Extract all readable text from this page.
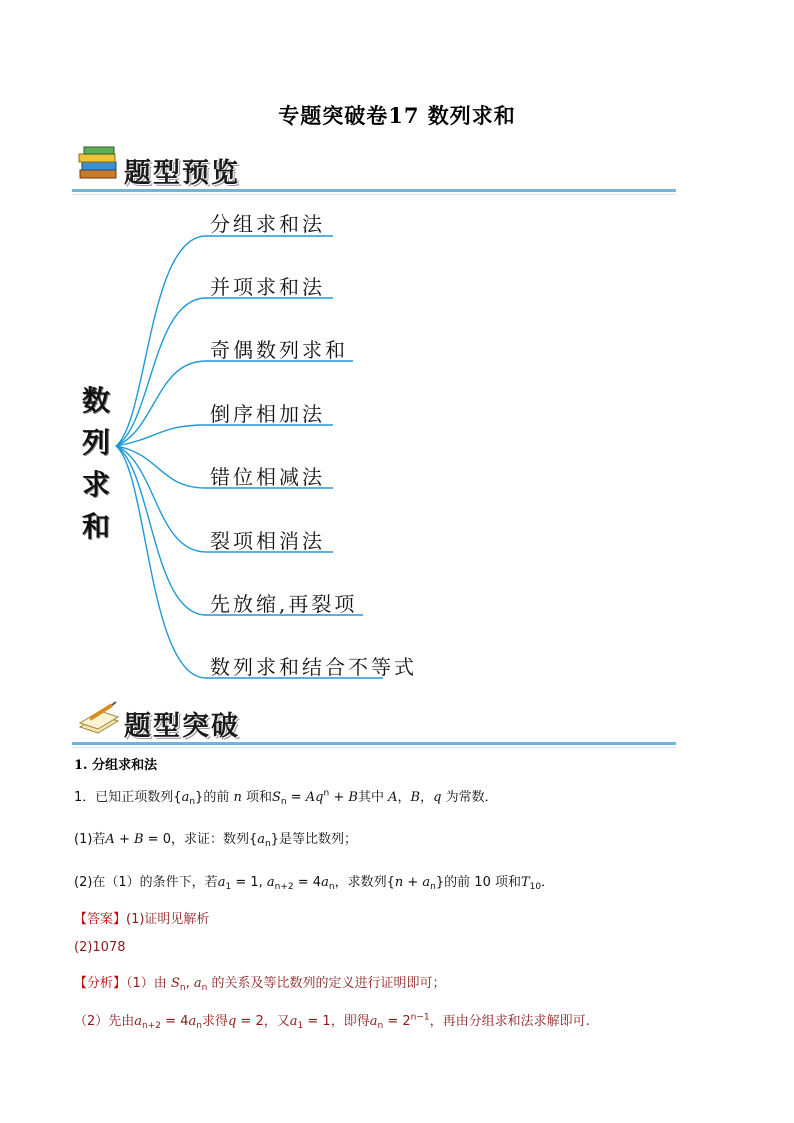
专题突破卷17 数列求和
题型预览
数
列
求
和
分组求和法
并项求和法
奇偶数列求和
倒序相加法
错位相减法
裂项相消法
先放缩,再裂项
数列求和结合不等式
题型突破
1. 分组求和法
1．已知正项数列$\{a_n\}$的前 n 项和$S_n = Aq^n + B$其中 A，B，q 为常数．
(1)若A + B = 0，求证：数列$\{a_n\}$是等比数列；
(2)在（1）的条件下，若$a_1 = 1$, $a_{n+2} = 4a_n$，求数列$\{n + a_n\}$的前 10 项和$T_{10}$．
【答案】(1)证明见解析
(2)1078
【分析】（1）由 $S_n$, $a_n$ 的关系及等比数列的定义进行证明即可；
（2）先由$a_{n+2} = 4a_n$求得q = 2，又$a_1 = 1$，即得$a_n = 2^{n-1}$，再由分组求和法求解即可.
